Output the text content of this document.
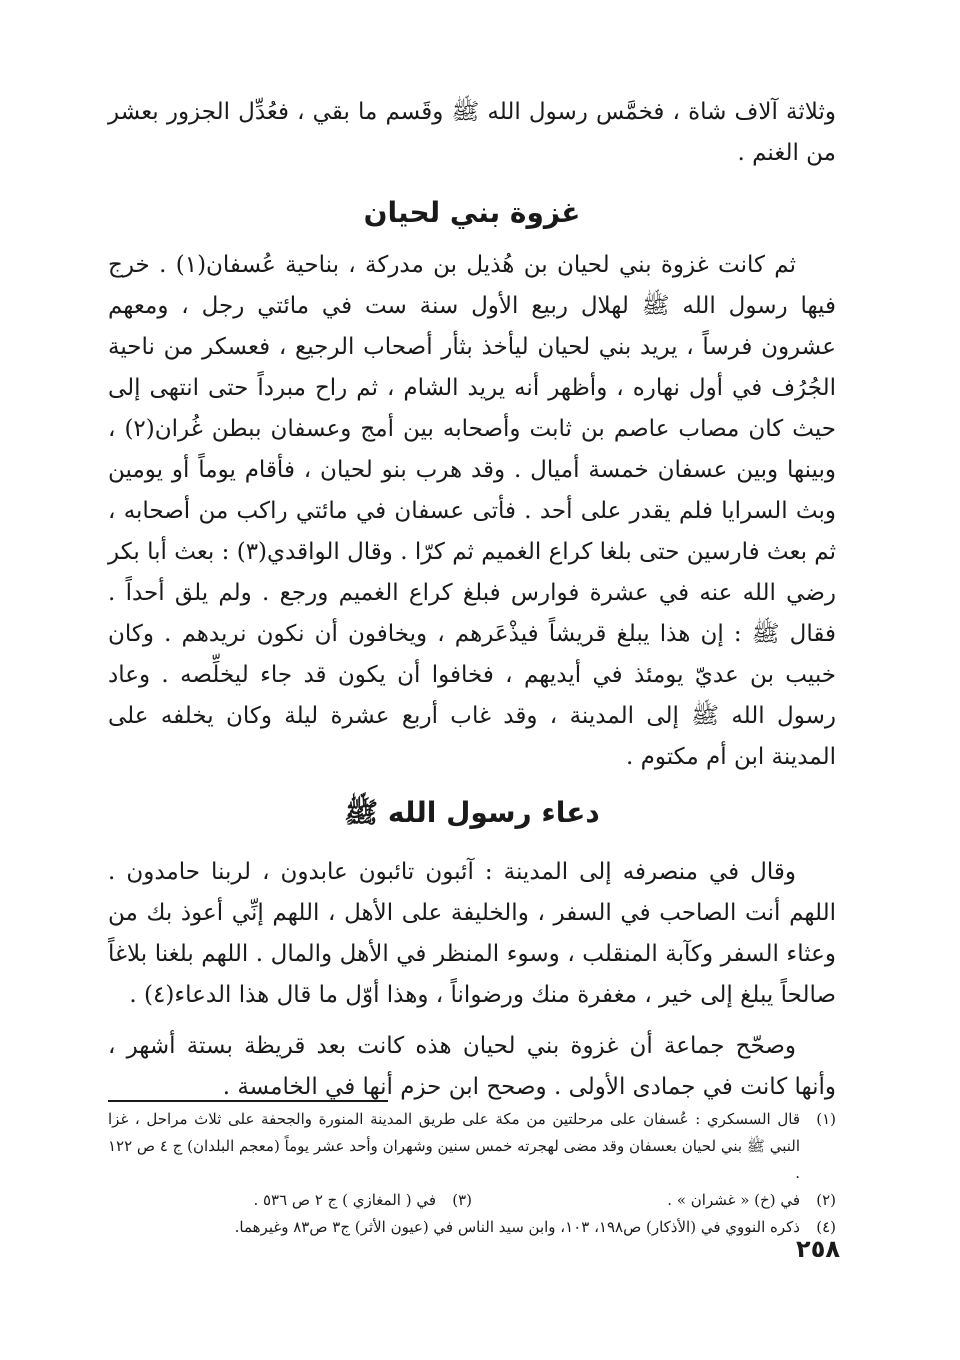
وثلاثة آلاف شاة ، فخمَّس رسول الله ﷺ وقَسم ما بقي ، فعُدِّل الجزور بعشر من الغنم .

غزوة بني لحيان

ثم كانت غزوة بني لحيان بن هُذيل بن مدركة ، بناحية عُسفان(١) . خرج فيها رسول الله ﷺ لهلال ربيع الأول سنة ست في مائتي رجل ، ومعهم عشرون فرساً ، يريد بني لحيان ليأخذ بثأر أصحاب الرجيع ، فعسكر من ناحية الجُرُف في أول نهاره ، وأظهر أنه يريد الشام ، ثم راح مبرداً حتى انتهى إلى حيث كان مصاب عاصم بن ثابت وأصحابه بين أمج وعسفان ببطن غُران(٢) ، وبينها وبين عسفان خمسة أميال . وقد هرب بنو لحيان ، فأقام يوماً أو يومين وبث السرايا فلم يقدر على أحد . فأتى عسفان في مائتي راكب من أصحابه ، ثم بعث فارسين حتى بلغا كراع الغميم ثم كرّا . وقال الواقدي(٣) : بعث أبا بكر رضي الله عنه في عشرة فوارس فبلغ كراع الغميم ورجع . ولم يلق أحداً . فقال ﷺ : إن هذا يبلغ قريشاً فيذْعَرهم ، ويخافون أن نكون نريدهم . وكان خبيب بن عديّ يومئذ في أيديهم ، فخافوا أن يكون قد جاء ليخلِّصه . وعاد رسول الله ﷺ إلى المدينة ، وقد غاب أربع عشرة ليلة وكان يخلفه على المدينة ابن أم مكتوم .

دعاء رسول الله ﷺ

وقال في منصرفه إلى المدينة : آئبون تائبون عابدون ، لربنا حامدون . اللهم أنت الصاحب في السفر ، والخليفة على الأهل ، اللهم إنِّي أعوذ بك من وعثاء السفر وكآبة المنقلب ، وسوء المنظر في الأهل والمال . اللهم بلغنا بلاغاً صالحاً يبلغ إلى خير ، مغفرة منك ورضواناً ، وهذا أوّل ما قال هذا الدعاء(٤) .

وصحّح جماعة أن غزوة بني لحيان هذه كانت بعد قريظة بستة أشهر ، وأنها كانت في جمادى الأولى . وصحح ابن حزم أنها في الخامسة .

(١)
قال السسكري : عُسفان على مرحلتين من مكة على طريق المدينة المنورة والجحفة على ثلاث مراحل ، غزا النبي ﷺ بني لحيان بعسفان وقد مضى لهجرته خمس سنين وشهران وأحد عشر يوماً (معجم البلدان) ج ٤ ص ١٢٢ .
(٢)
في (خ) « غشران » .
(٣)
في ( المغازي ) ج ٢ ص ٥٣٦ .
(٤)
ذكره النووي في (الأذكار) ص١٩٨، ١٠٣، وابن سيد الناس في (عيون الأثر) ج٣ ص٨٣ وغيرهما.
٢٥٨
